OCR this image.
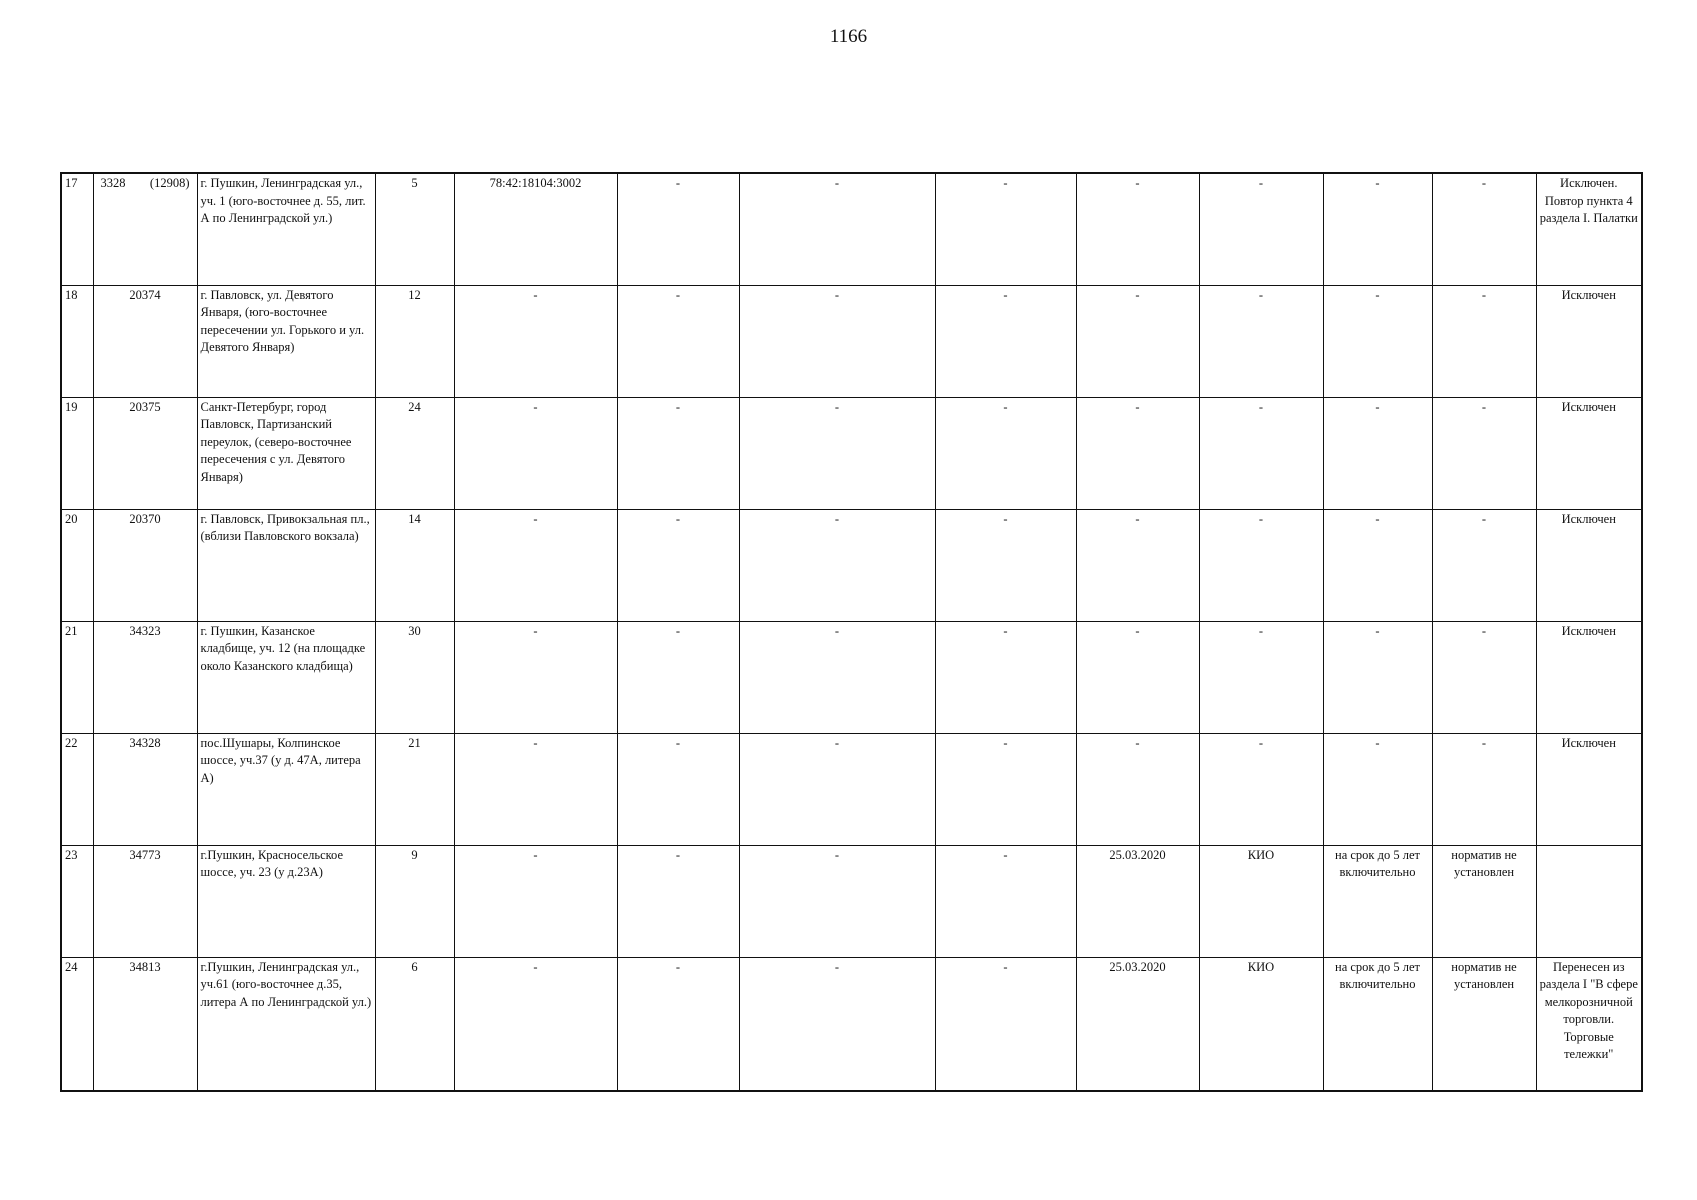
1166
17	3328 (12908)	г. Пушкин, Ленинградская ул., уч. 1 (юго-восточнее д. 55, лит. А по Ленинградской ул.)	5	78:42:18104:3002	-	-	-	-	-	-	-	Исключен. Повтор пункта 4 раздела I. Палатки
18	20374	г. Павловск, ул. Девятого Января, (юго-восточнее пересечении ул. Горького и ул. Девятого Января)	12	-	-	-	-	-	-	-	-	Исключен
19	20375	Санкт-Петербург, город Павловск, Партизанский переулок, (северо-восточнее пересечения с ул. Девятого Января)	24	-	-	-	-	-	-	-	-	Исключен
20	20370	г. Павловск, Привокзальная пл., (вблизи Павловского вокзала)	14	-	-	-	-	-	-	-	-	Исключен
21	34323	г. Пушкин, Казанское кладбище, уч. 12 (на площадке около Казанского кладбища)	30	-	-	-	-	-	-	-	-	Исключен
22	34328	пос.Шушары, Колпинское шоссе, уч.37 (у д. 47А, литера А)	21	-	-	-	-	-	-	-	-	Исключен
23	34773	г.Пушкин, Красносельское шоссе, уч. 23 (у д.23А)	9	-	-	-	-	25.03.2020	КИО	на срок до 5 лет включительно	норматив не установлен	
24	34813	г.Пушкин, Ленинградская ул., уч.61 (юго-восточнее д.35, литера А по Ленинградской ул.)	6	-	-	-	-	25.03.2020	КИО	на срок до 5 лет включительно	норматив не установлен	Перенесен из раздела I "В сфере мелкорозничной торговли. Торговые тележки"
